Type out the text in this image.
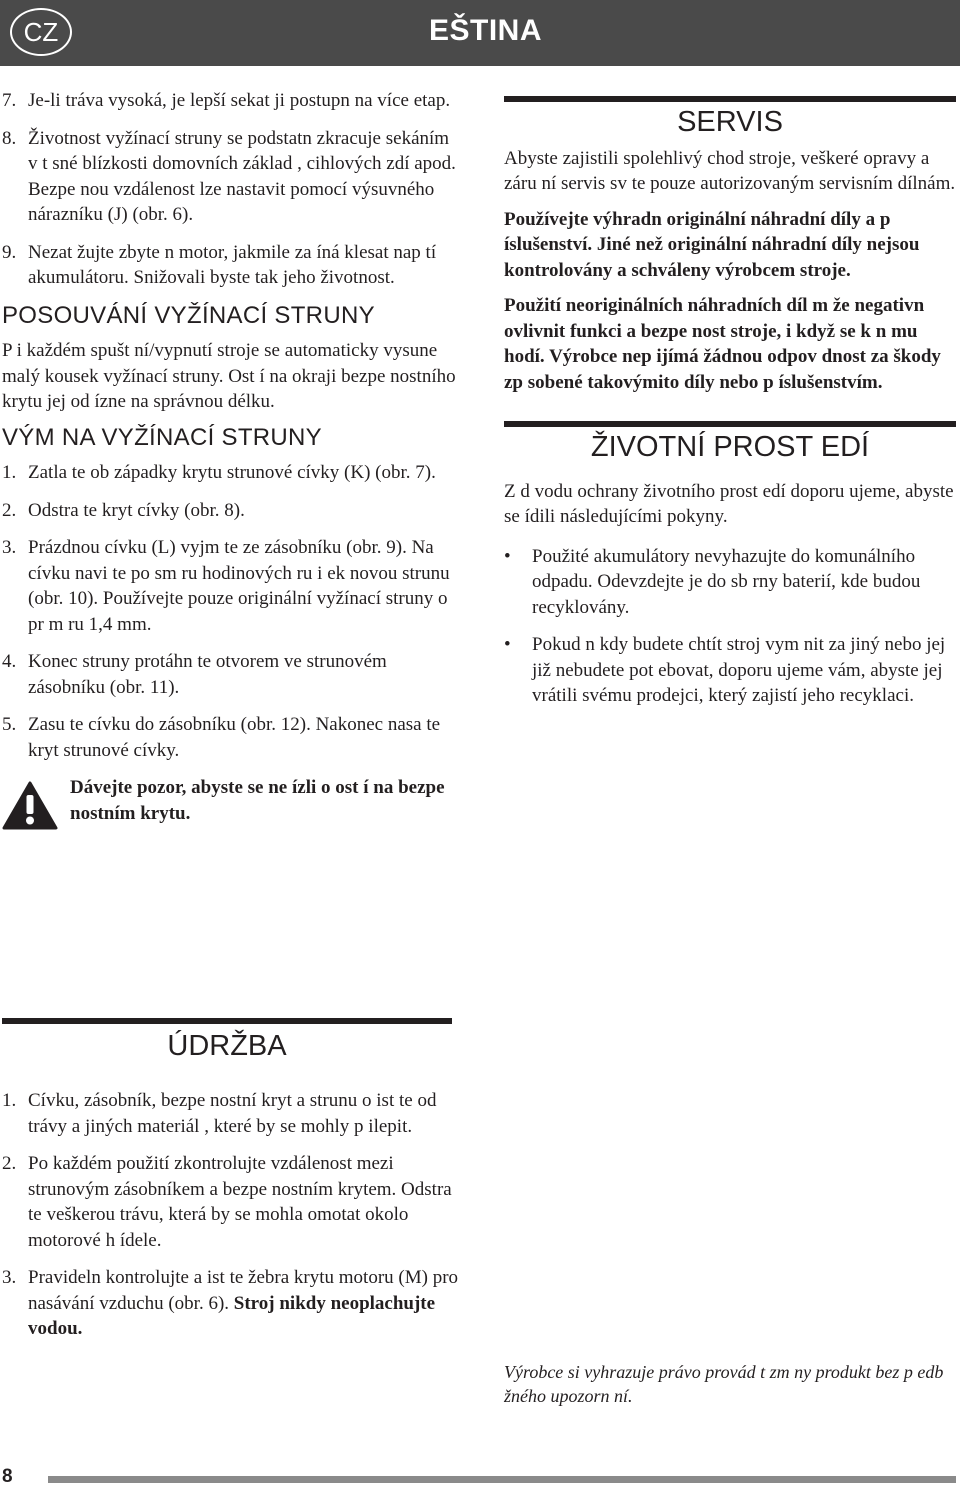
CZ	EŠTINA
7. Je-li tráva vysoká, je lepší sekat ji postupn na více etap.
8. Životnost vyžínací struny se podstatn zkracuje sekáním v t sné blízkosti domovních základ , cihlových zdí apod. Bezpe nou vzdálenost lze nastavit pomocí výsuvného nárazníku (J) (obr. 6).
9. Nezat žujte zbyte n motor, jakmile za íná klesat nap tí akumulátoru. Snižovali byste tak jeho životnost.
POSOUVÁNÍ VYŽÍNACÍ STRUNY

P i každém spušt ní/vypnutí stroje se automaticky vysune malý kousek vyžínací struny. Ost í na okraji bezpe nostního krytu jej od ízne na správnou délku.

VÝM NA VYŽÍNACÍ STRUNY
1. Zatla te ob západky krytu strunové cívky (K) (obr. 7).
2. Odstra te kryt cívky (obr. 8).
3. Prázdnou cívku (L) vyjm te ze zásobníku (obr. 9). Na cívku navi te po sm ru hodinových ru i ek novou strunu (obr. 10). Používejte pouze originální vyžínací struny o pr m ru 1,4 mm.
4. Konec struny protáhn te otvorem ve strunovém zásobníku (obr. 11).
5. Zasu te cívku do zásobníku (obr. 12). Nakonec nasa te kryt strunové cívky.
Dávejte pozor, abyste se ne ízli o ost í na bezpe nostním krytu.
ÚDRŽBA
1. Cívku, zásobník, bezpe nostní kryt a strunu o ist te od trávy a jiných materiál , které by se mohly p ilepit.
2. Po každém použití zkontrolujte vzdálenost mezi strunovým zásobníkem a bezpe nostním krytem. Odstra te veškerou trávu, která by se mohla omotat okolo motorové h ídele.
3. Pravideln kontrolujte a ist te žebra krytu motoru (M) pro nasávání vzduchu (obr. 6). Stroj nikdy neoplachujte vodou.
SERVIS

Abyste zajistili spolehlivý chod stroje, veškeré opravy a záru ní servis sv te pouze autorizovaným servisním dílnám.

Používejte výhradn originální náhradní díly a p íslušenství. Jiné než originální náhradní díly nejsou kontrolovány a schváleny výrobcem stroje.

Použití neoriginálních náhradních díl m že negativn ovlivnit funkci a bezpe nost stroje, i když se k n mu hodí. Výrobce nep ijímá žádnou odpov dnost za škody zp sobené takovýmito díly nebo p íslušenstvím.

ŽIVOTNÍ PROST EDÍ

Z d vodu ochrany životního prost edí doporu ujeme, abyste se ídili následujícími pokyny.

• Použité akumulátory nevyhazujte do komunálního odpadu. Odevzdejte je do sb rny baterií, kde budou recyklovány.
• Pokud n kdy budete chtít stroj vym nit za jiný nebo jej již nebudete pot ebovat, doporu ujeme vám, abyste jej vrátili svému prodejci, který zajistí jeho recyklaci.
Výrobce si vyhrazuje právo provád t zm ny produkt bez p edb žného upozorn ní.
8
